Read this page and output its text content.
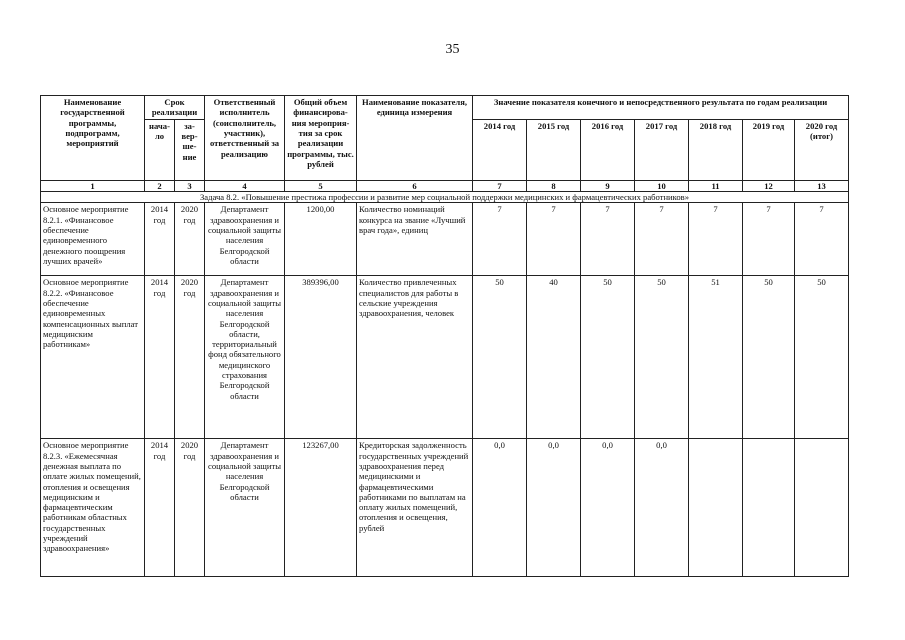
35
Наименование государственной программы, подпрограмм, мероприятий	Срок реализации		Ответственный исполнитель (соисполнитель, участник), ответственный за реализацию	Общий объем финансирова-ния мероприя-тия за срок реализации программы, тыс. рублей	Наименование показателя, единица измерения	Значение показателя конечного и непосредственного результата по годам реализации						
	нача-ло	за-вер-ше-ние				2014 год	2015 год	2016 год	2017 год	2018 год	2019 год	2020 год (итог)
1	2	3	4	5	6	7	8	9	10	11	12	13
Задача 8.2. «Повышение престижа профессии и развитие мер социальной поддержки медицинских и фармацевтических работников»												
Основное мероприятие 8.2.1. «Финансовое обеспечение единовременного денежного поощрения лучших врачей»	2014 год	2020 год	Департамент здравоохранения и социальной защиты населения Белгородской области	1200,00	Количество номинаций конкурса на звание «Лучший врач года», единиц	7	7	7	7	7	7	7
Основное мероприятие 8.2.2. «Финансовое обеспечение единовременных компенсационных выплат медицинским работникам»	2014 год	2020 год	Департамент здравоохранения и социальной защиты населения Белгородской области, территориальный фонд обязательного медицинского страхования Белгородской области	389396,00	Количество привлеченных специалистов для работы в сельские учреждения здравоохранения, человек	50	40	50	50	51	50	50
Основное мероприятие 8.2.3. «Ежемесячная денежная выплата по оплате жилых помещений, отопления и освещения медицинским и фармацевтическим работникам областных государственных учреждений здравоохранения»	2014 год	2020 год	Департамент здравоохранения и социальной защиты населения Белгородской области	123267,00	Кредиторская задолженность государственных учреждений здравоохранения перед медицинскими и фармацевтическими работниками по выплатам на оплату жилых помещений, отопления и освещения, рублей	0,0	0,0	0,0	0,0			
